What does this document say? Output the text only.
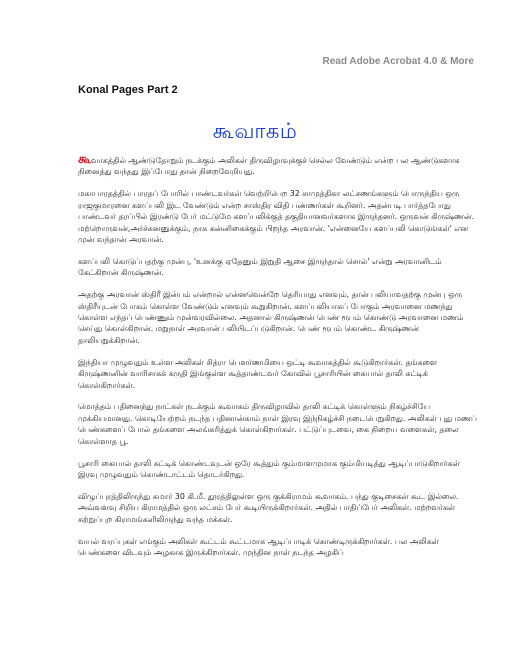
Read Adobe Acrobat 4.0 & More
Konal Pages Part 2
கூவாகம்

கூவாகத்தில் ஆண்டுதோறும் நடக்கும் அலிகள் திருவிழாவுக்குச் செல்ல வேண்டும் என்ற பல ஆண்டுகளாக நினைத்து வந்தது இப்போது தான் நிறைவேறியது.

மகாபாரதத்தில் பாரதப் போரில் பாண்டவர்கள் வெற்றிபெற 32 சாமுத்திகா லட்சணங்களும் பொருந்திய ஒரு ராஜகுமாரனை களப்பலி இட வேண்டும் என்ற சாஸ்திர விதி பண்ணர்கள் கூறினர். அதன்படி பார்த்தபோது பாண்டவர் தரப்பில் இரண்டு பேர் மட்டுமே களப்பலிக்குத் தகுதியானவர்களாக இருந்தனர். ஒருவன் கிருஷ்ணன். மற்றொருவன்,அர்ச்சுனனுக்கும், நாக கன்னிகைக்கும் பிறந்த அரவான். 'என்னையே களப்பலி கொடுங்கள்' என முன் வந்தான் அரவான்.

களப்பலி கொடுப்பதற்கு முன்பு, 'உனக்கு ஏதேனும் இறுதி ஆசை இருந்தால் சொல்' என்று அரவானிடம் கேட்கிறான் கிருஷ்ணன்.

அதற்கு அரவான் ஸ்திரீ இன்பம் என்றால் என்னவென்றே தெரியாது எனவும், தான் பலியாவதற்கு முன்பு ஒரு ஸ்திரீயுடன் போகம் கொள்ள வேண்டும் எனவும் கூறுகிறான். களப்பலியாகப் போகும் அரவானை மணந்து கொள்ள எந்தப் பெண்ணும் முன்வரவில்லை. அதனால் கிருஷ்ணன் பெண் ரூபம் கொண்டு அரவானை மணம் செய்து கொள்கிறான். மறுநாள் அரவான் பலியிடப்படுகிறான். பெண் ரூபம் கொண்ட கிருஷ்ணன் தாலியறுக்கிறான்.

இந்தியா முழுவதும் உள்ள அலிகள் சித்ரா பௌர்ணமியை ஒட்டி கூவாகத்தில் கூடுகிறார்கள். தங்களை கிருஷ்ணனின் வாரிசாகக் கருதி இங்குள்ள கூத்தாண்டவர் கோவில் பூசாரியின் கையால் தாலி கட்டிக் கொள்கிறார்கள்.

மொத்தம் பதினைந்து நாட்கள் நடக்கும் கூவாகம் திருவிழாவில் தாலி கட்டிக் கொள்ளும் நிகழ்ச்சியே முக்கியமானது. கொடியேற்றம் நடந்த பதினான்காம் நாள் இரவு இந்நிகழ்ச்சி நடைபெறுகிறது. அலிகள் புது மணப் பெண்களைப் போல் தங்களை அலங்கரித்துக் கொள்கிறார்கள். பட்டுப்புடவை, கை நிறைய வளைகள், தலை கொள்ளாத பூ.

பூசாரி கையால் தாலி கட்டிக் கொண்டவுடன் ஒரே கூத்தும் கும்மாளமுமாக கும்மியடித்து ஆடிப்பாடுகிறார்கள் இரவு முழுவதும் கொண்டாட்டம் தொடர்கிறது.

விழுப்புரத்திலிருந்து சுமார் 30 கி.மீ. தூரத்திலுள்ள ஒரு குக்கிராமம் கூவாகம். பந்து குடிசைகள் கூட இல்லை. அவ்வளவு சிறிய கிராமத்தில் ஒரு லட்சம் பேர் கூடியிருக்கிறார்கள். அதில் பாதிப்பேர் அலிகள். மற்றவர்கள் சுற்றுப்புற கிராமங்களிலிருந்து வந்த மக்கள்.

வயல் வரப்புகள் எங்கும் அலிகள் கூட்டம் கூட்டமாக ஆடிப்பாடிக் கொண்டிருக்கிறார்கள். பல அலிகள் பெண்களை விடவும் அழகாக இருக்கிறார்கள். முந்தின நாள் நடந்த அழகிப்
